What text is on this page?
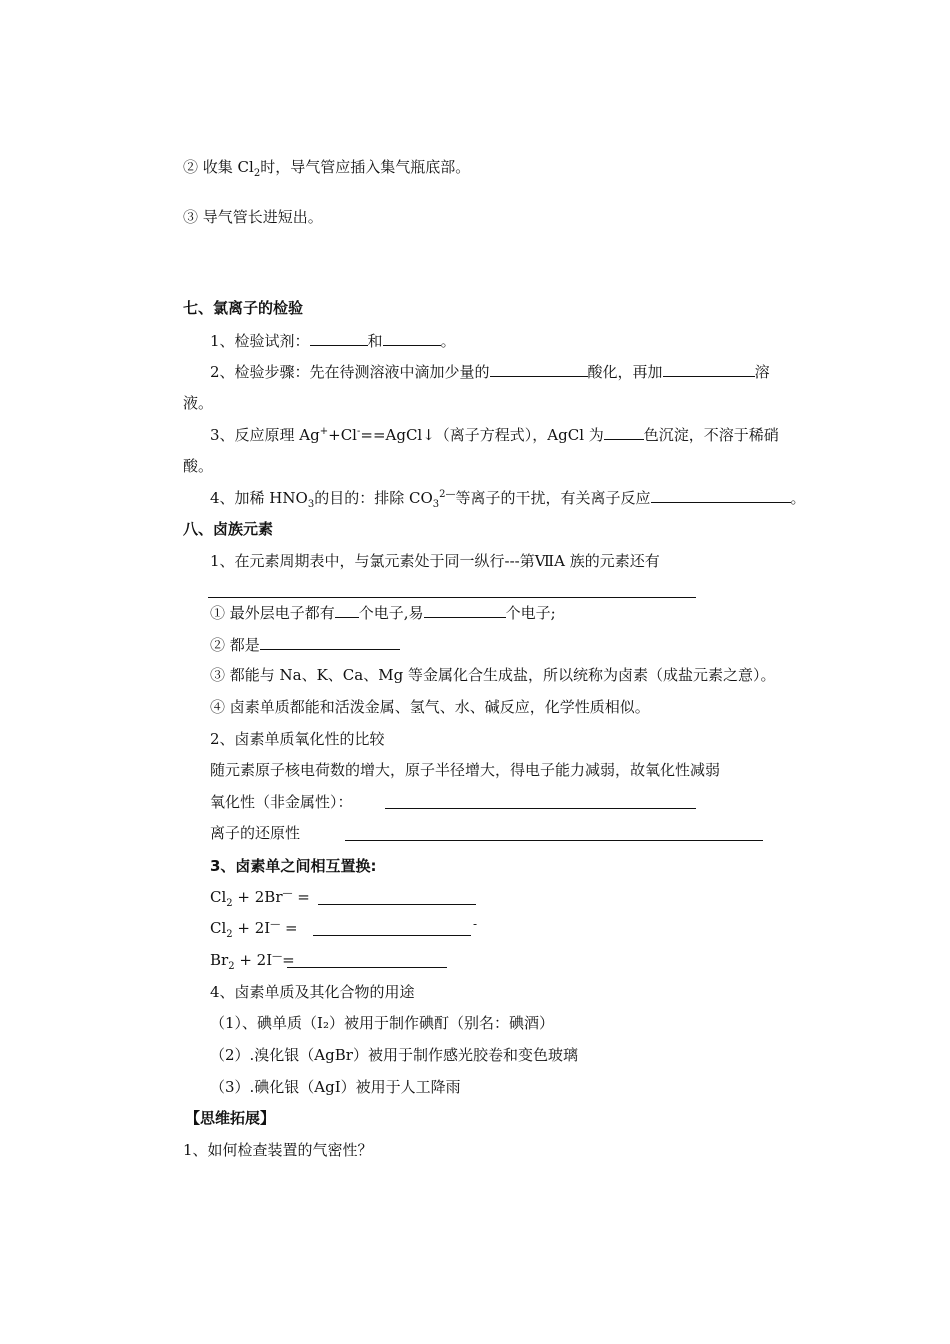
② 收集 $Cl_2$时，导气管应插入集气瓶底部。
③ 导气管长进短出。
七、氯离子的检验
1、检验试剂：	和	。
2、检验步骤：先在待测溶液中滴加少量的	酸化，再加	溶
液。
3、反应原理 Ag++Cl-==AgCl↓（离子方程式），AgCl 为	色沉淀，不溶于稀硝
酸。
4、加稀 $HNO_3$的目的：排除 $CO_3^{2—}$等离子的干扰，有关离子反应	。
八、卤族元素
1、在元素周期表中，与氯元素处于同一纵行---第ⅦA 族的元素还有
① 最外层电子都有 个电子,易	个电子;
② 都是
③ 都能与 Na、K、Ca、Mg 等金属化合生成盐，所以统称为卤素（成盐元素之意）。
④ 卤素单质都能和活泼金属、氢气、水、碱反应，化学性质相似。
2、卤素单质氧化性的比较
随元素原子核电荷数的增大，原子半径增大，得电子能力减弱，故氧化性减弱
氧化性（非金属性）：
离子的还原性
3、卤素单之间相互置换:
$Cl_2 + 2Br^—$ =
$Cl_2 + 2I^—$ =	-
$Br_2 + 2I^—=$
4、卤素单质及其化合物的用途
（1）、碘单质（Ⅰ₂）被用于制作碘酊（别名：碘酒）
（2）.溴化银（AgBr）被用于制作感光胶卷和变色玻璃
（3）.碘化银（AgⅠ）被用于人工降雨
【思维拓展】
1、如何检查装置的气密性？
